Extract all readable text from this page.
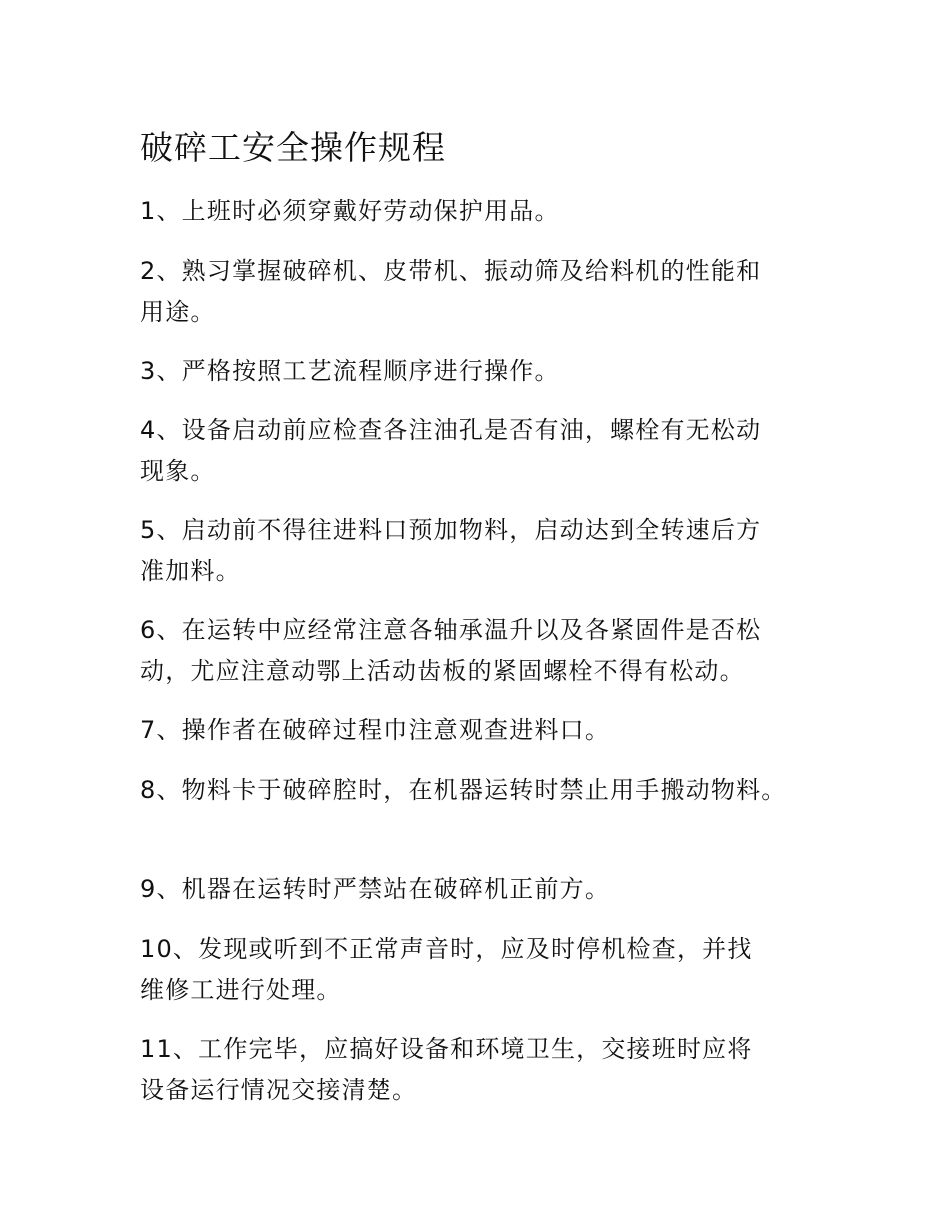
破碎工安全操作规程

1、上班时必须穿戴好劳动保护用品。

2、熟习掌握破碎机、皮带机、振动筛及给料机的性能和
用途。

3、严格按照工艺流程顺序进行操作。

4、设备启动前应检查各注油孔是否有油，螺栓有无松动
现象。

5、启动前不得往进料口预加物料，启动达到全转速后方
准加料。

6、在运转中应经常注意各轴承温升以及各紧固件是否松
动，尤应注意动鄂上活动齿板的紧固螺栓不得有松动。

7、操作者在破碎过程巾注意观查进料口。

8、物料卡于破碎腔时，在机器运转时禁止用手搬动物料。

9、机器在运转时严禁站在破碎机正前方。

10、发现或听到不正常声音时，应及时停机检查，并找
维修工进行处理。

11、工作完毕，应搞好设备和环境卫生，交接班时应将
设备运行情况交接清楚。
